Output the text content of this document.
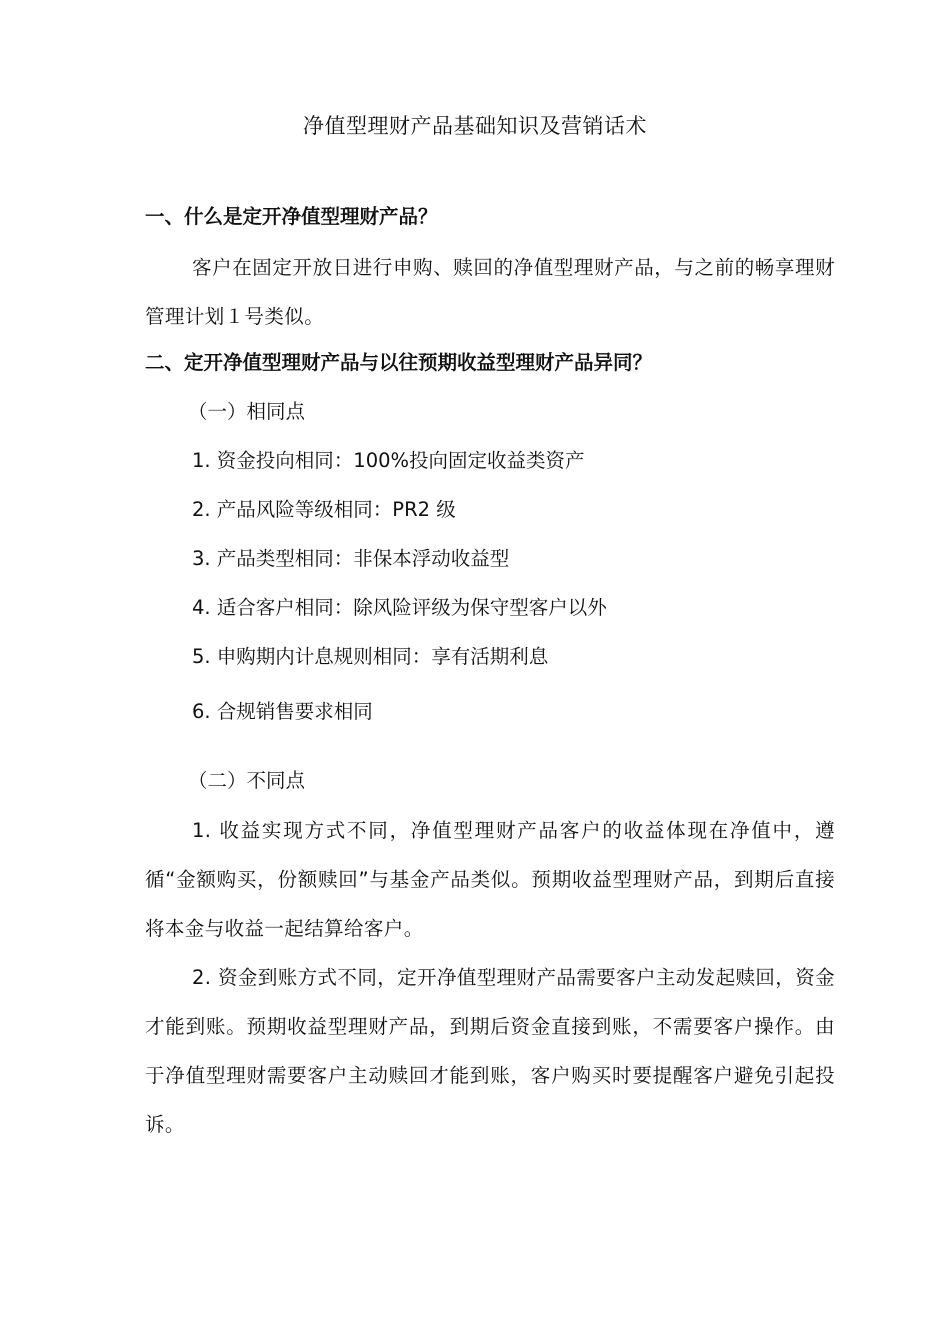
净值型理财产品基础知识及营销话术
一、什么是定开净值型理财产品？
客户在固定开放日进行申购、赎回的净值型理财产品，与之前的畅享理财管理计划１号类似。
二、定开净值型理财产品与以往预期收益型理财产品异同？
（一）相同点
1. 资金投向相同：100%投向固定收益类资产
2. 产品风险等级相同：PR2 级
3. 产品类型相同：非保本浮动收益型
4. 适合客户相同：除风险评级为保守型客户以外
5. 申购期内计息规则相同：享有活期利息
6. 合规销售要求相同
（二）不同点
1. 收益实现方式不同，净值型理财产品客户的收益体现在净值中，遵循“金额购买，份额赎回”与基金产品类似。预期收益型理财产品，到期后直接将本金与收益一起结算给客户。
2. 资金到账方式不同，定开净值型理财产品需要客户主动发起赎回，资金才能到账。预期收益型理财产品，到期后资金直接到账，不需要客户操作。由于净值型理财需要客户主动赎回才能到账，客户购买时要提醒客户避免引起投诉。
